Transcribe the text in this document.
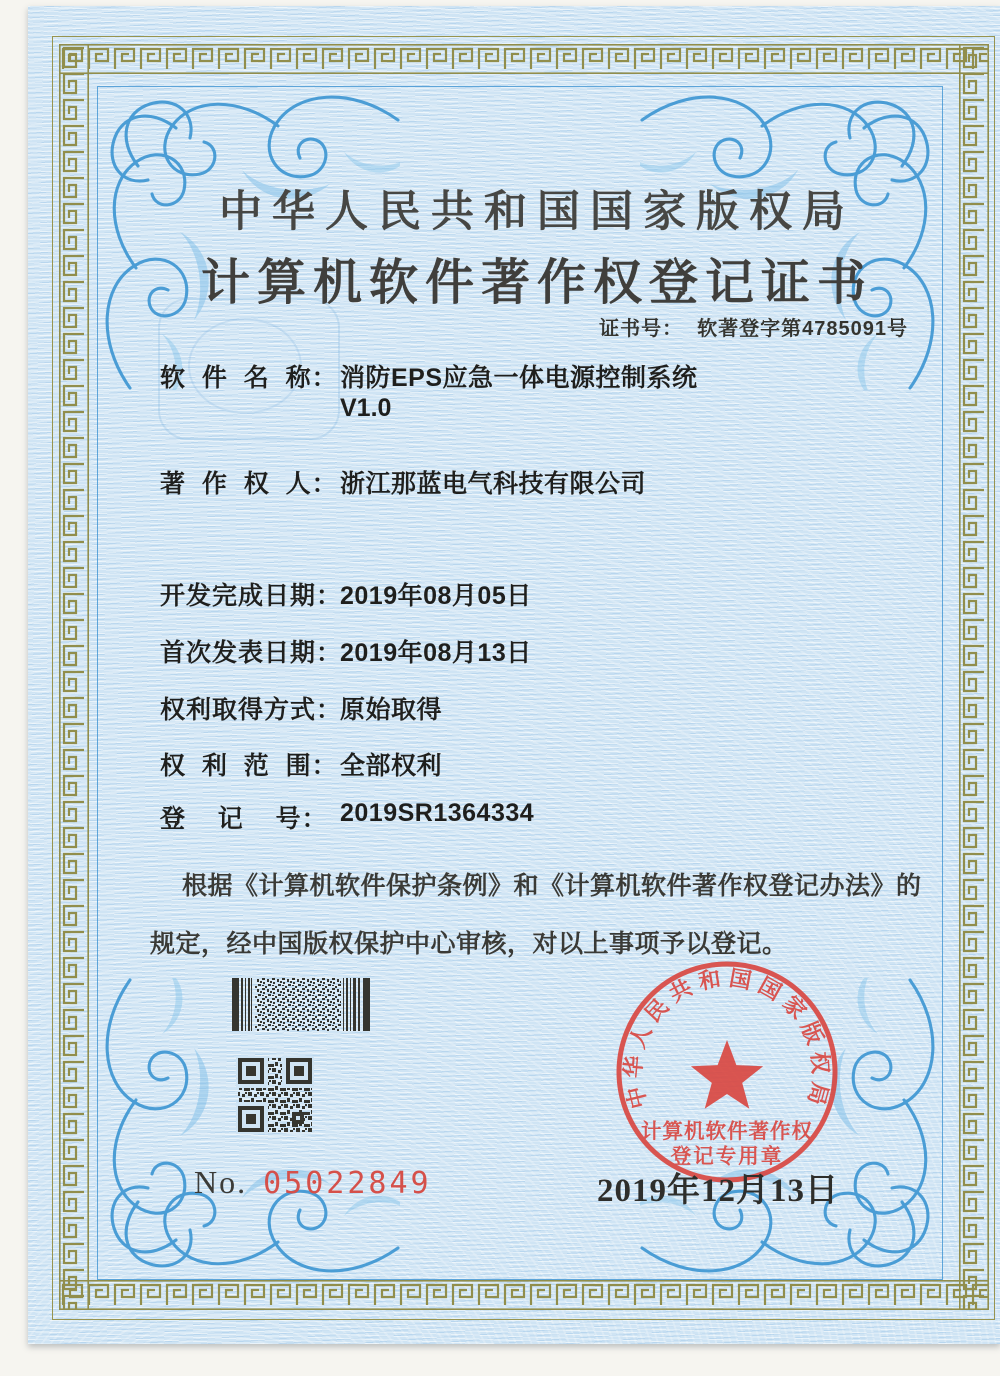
中华人民共和国国家版权局
计算机软件著作权登记证书
证书号： 软著登字第4785091号
软  件  名  称： 消防EPS应急一体电源控制系统
V1.0
著  作  权  人： 浙江那蓝电气科技有限公司
开发完成日期：
2019年08月05日
首次发表日期：
2019年08月13日
权利取得方式：
原始取得
权  利  范  围： 全部权利
登    记    号： 2019SR1364334
根据《计算机软件保护条例》和《计算机软件著作权登记办法》的
规定，经中国版权保护中心审核，对以上事项予以登记。
No. 05022849
中华人民共和国国家版权局
计算机软件著作权
登记专用章
2019年12月13日
